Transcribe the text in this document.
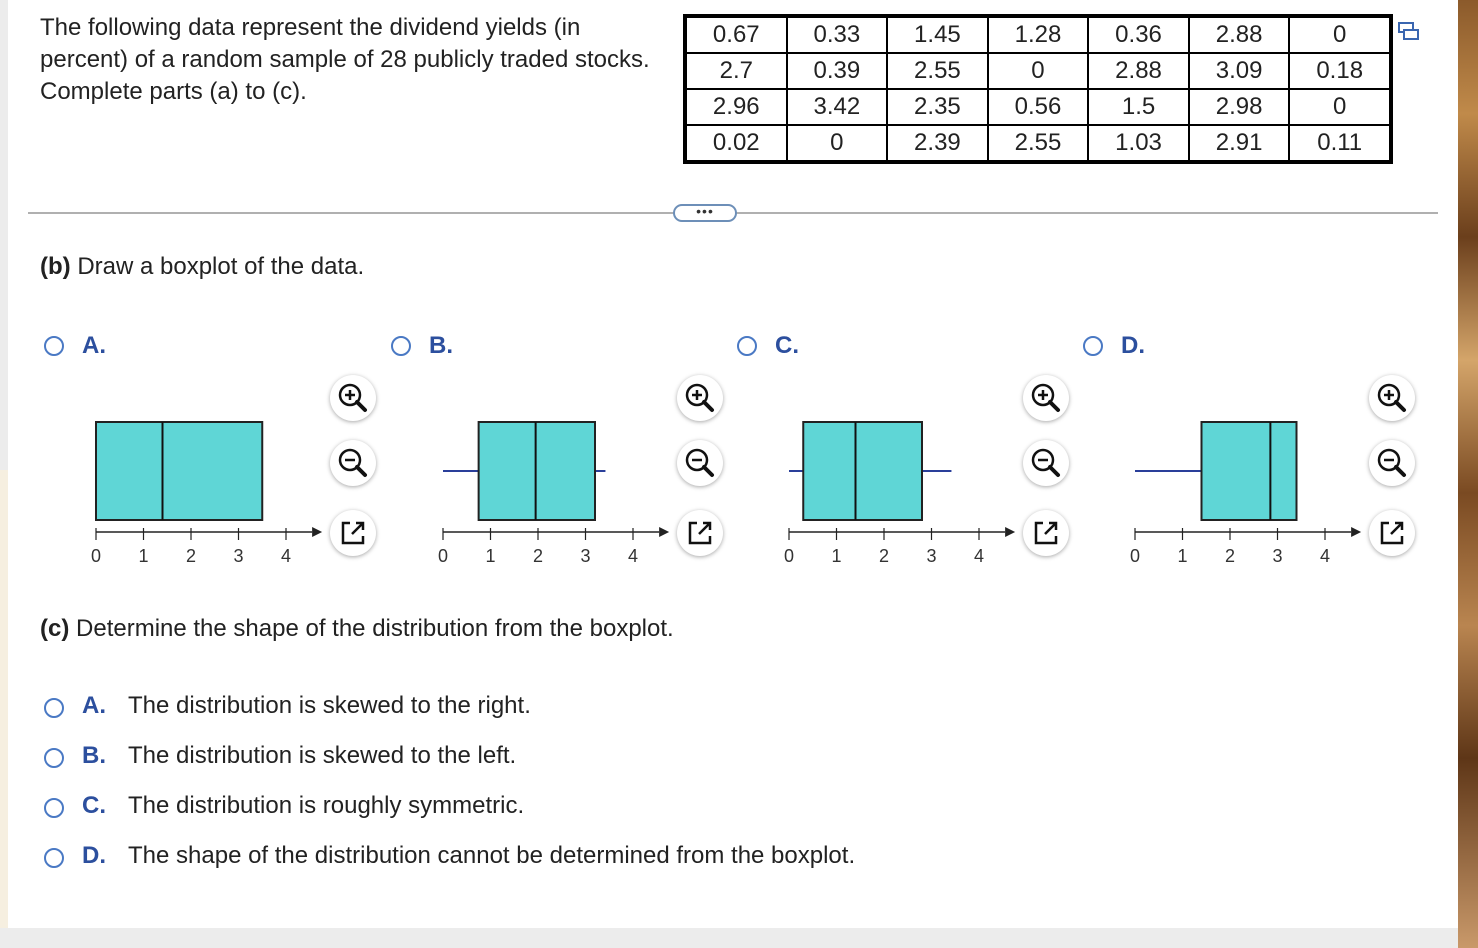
The following data represent the dividend yields (in percent) of a random sample of 28 publicly traded stocks. Complete parts (a) to (c).
0.67	0.33	1.45	1.28	0.36	2.88	0
2.7	0.39	2.55	0	2.88	3.09	0.18
2.96	3.42	2.35	0.56	1.5	2.98	0
0.02	0	2.39	2.55	1.03	2.91	0.11
•••
(b) Draw a boxplot of the data.
A.
0 1 2 3 4
B.
0 1 2 3 4
C.
0 1 2 3 4
D.
0 1 2 3 4
(c) Determine the shape of the distribution from the boxplot.
A. The distribution is skewed to the right.
B. The distribution is skewed to the left.
C. The distribution is roughly symmetric.
D. The shape of the distribution cannot be determined from the boxplot.
